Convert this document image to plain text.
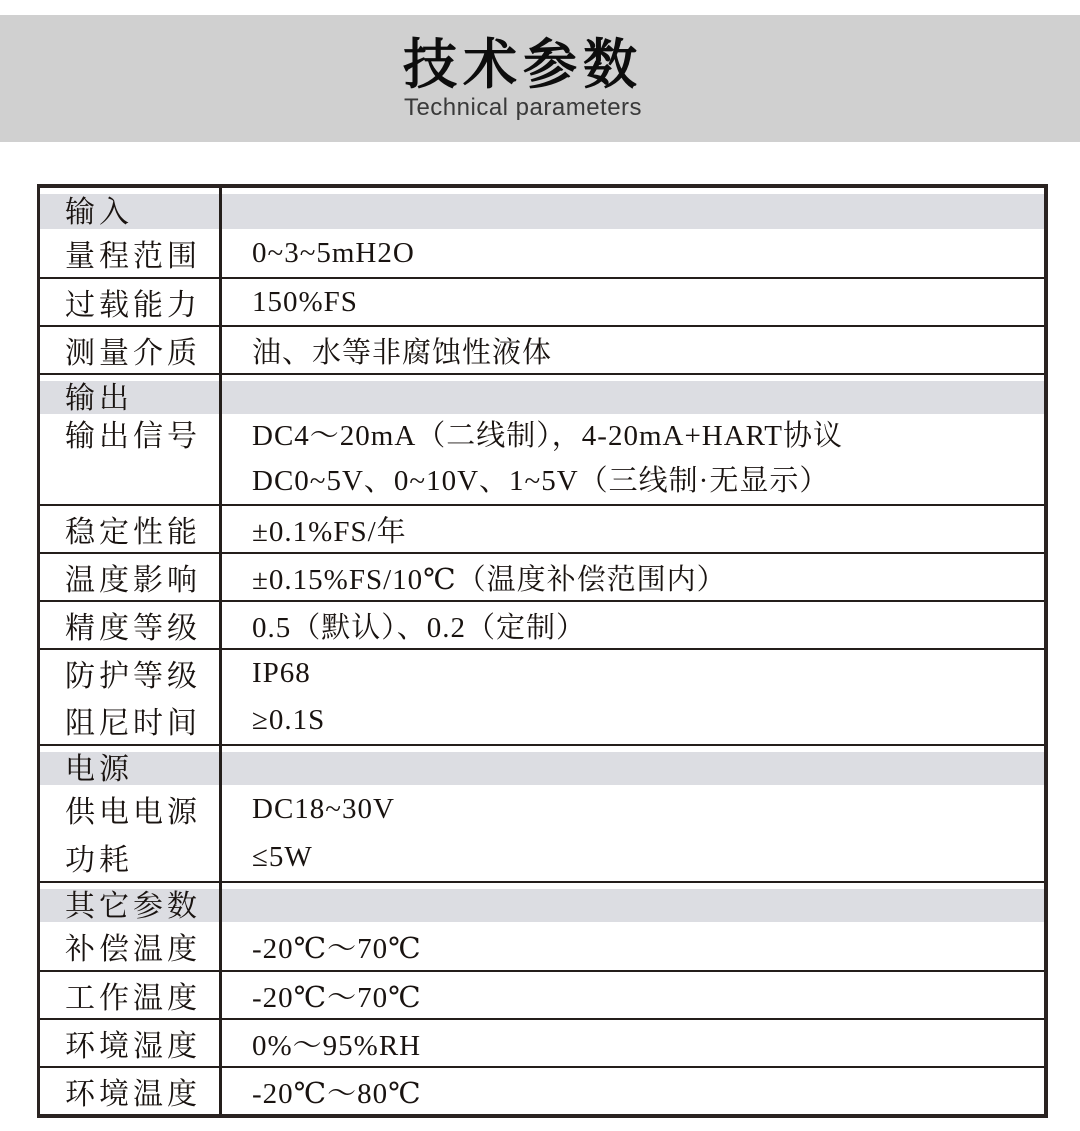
技术参数
Technical parameters
输入
量程范围	0~3~5mH2O
过载能力	150%FS
测量介质	油、水等非腐蚀性液体
输出
输出信号 DC4～20mA（二线制），4-20mA+HART协议
DC0~5V、0~10V、1~5V（三线制·无显示）
稳定性能	±0.1%FS/年
温度影响	±0.15%FS/10℃（温度补偿范围内）
精度等级	0.5（默认）、0.2（定制）
防护等级	IP68
阻尼时间	≥0.1S
电源
供电电源	DC18~30V
功耗	≤5W
其它参数
补偿温度	-20℃～70℃
工作温度	-20℃～70℃
环境湿度	0%～95%RH
环境温度	-20℃～80℃
